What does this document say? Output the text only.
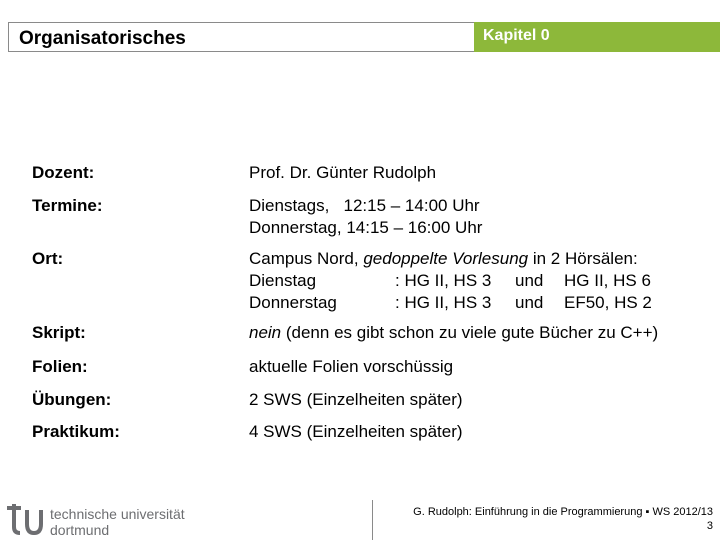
Organisatorisches	Kapitel 0
Dozent:	Prof. Dr. Günter Rudolph
Termine:	Dienstags,   12:15 – 14:00 Uhr
Donnerstag, 14:15 – 16:00 Uhr
Ort:	Campus Nord, gedoppelte Vorlesung in 2 Hörsälen:
Dienstag	: HG II, HS 3 und HG II, HS 6
Donnerstag	: HG II, HS 3 und EF50, HS 2
Skript:	nein (denn es gibt schon zu viele gute Bücher zu C++)
Folien:	aktuelle Folien vorschüssig
Übungen:	2 SWS (Einzelheiten später)
Praktikum:	4 SWS (Einzelheiten später)
technische universität
dortmund
G. Rudolph: Einführung in die Programmierung ▪ WS 2012/13
3
